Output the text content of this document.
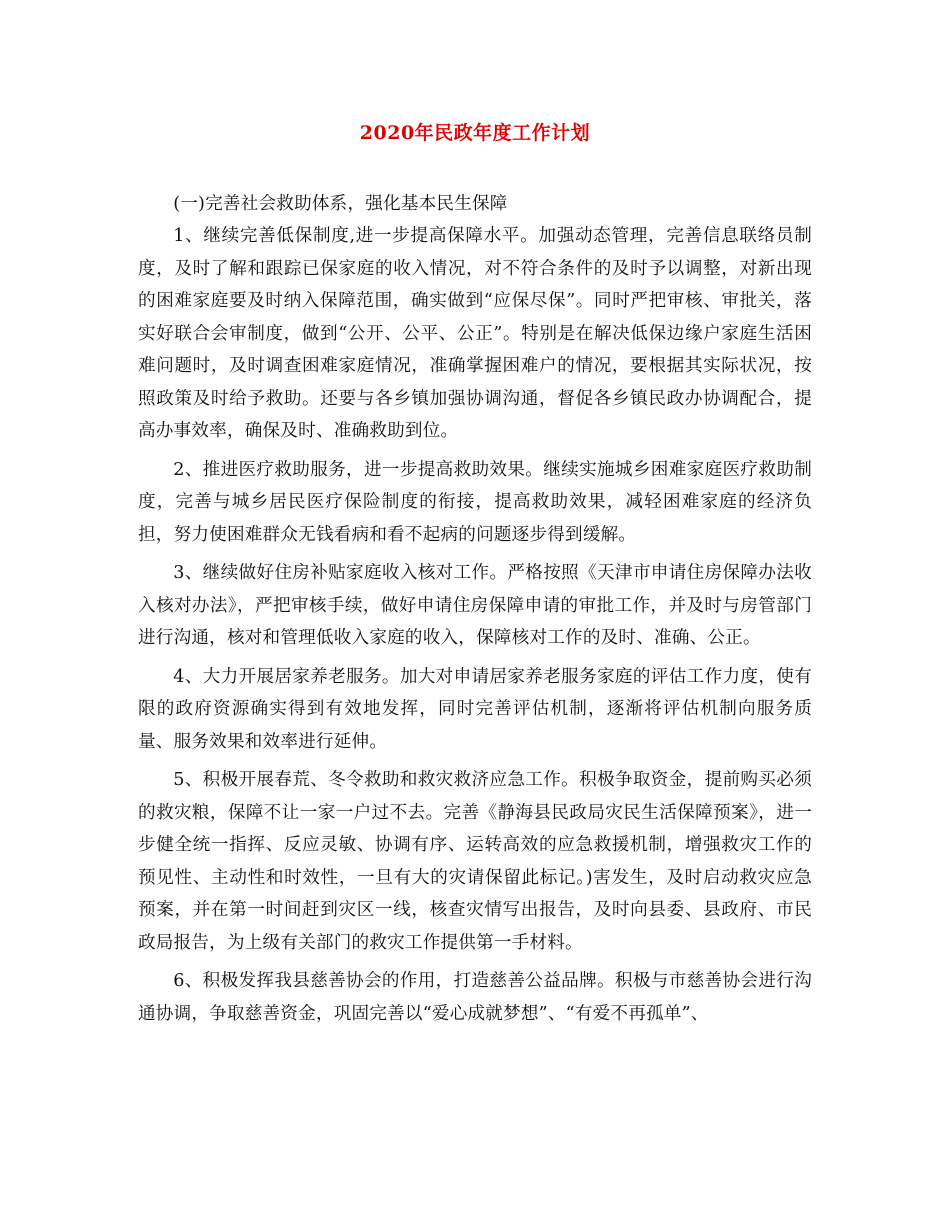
2020年民政年度工作计划

(一)完善社会救助体系，强化基本民生保障

1、继续完善低保制度,进一步提高保障水平。加强动态管理，完善信息联络员制度，及时了解和跟踪已保家庭的收入情况，对不符合条件的及时予以调整，对新出现的困难家庭要及时纳入保障范围，确实做到“应保尽保”。同时严把审核、审批关，落实好联合会审制度，做到“公开、公平、公正”。特别是在解决低保边缘户家庭生活困难问题时，及时调查困难家庭情况，准确掌握困难户的情况，要根据其实际状况，按照政策及时给予救助。还要与各乡镇加强协调沟通，督促各乡镇民政办协调配合，提高办事效率，确保及时、准确救助到位。

2、推进医疗救助服务，进一步提高救助效果。继续实施城乡困难家庭医疗救助制度，完善与城乡居民医疗保险制度的衔接，提高救助效果，减轻困难家庭的经济负担，努力使困难群众无钱看病和看不起病的问题逐步得到缓解。

3、继续做好住房补贴家庭收入核对工作。严格按照《天津市申请住房保障办法收入核对办法》，严把审核手续，做好申请住房保障申请的审批工作，并及时与房管部门进行沟通，核对和管理低收入家庭的收入，保障核对工作的及时、准确、公正。

4、大力开展居家养老服务。加大对申请居家养老服务家庭的评估工作力度，使有限的政府资源确实得到有效地发挥，同时完善评估机制，逐渐将评估机制向服务质量、服务效果和效率进行延伸。

5、积极开展春荒、冬令救助和救灾救济应急工作。积极争取资金，提前购买必须的救灾粮，保障不让一家一户过不去。完善《静海县民政局灾民生活保障预案》，进一步健全统一指挥、反应灵敏、协调有序、运转高效的应急救援机制，增强救灾工作的预见性、主动性和时效性，一旦有大的灾请保留此标记。)害发生，及时启动救灾应急预案，并在第一时间赶到灾区一线，核查灾情写出报告，及时向县委、县政府、市民政局报告，为上级有关部门的救灾工作提供第一手材料。

6、积极发挥我县慈善协会的作用，打造慈善公益品牌。积极与市慈善协会进行沟通协调，争取慈善资金，巩固完善以“爱心成就梦想”、“有爱不再孤单”、
